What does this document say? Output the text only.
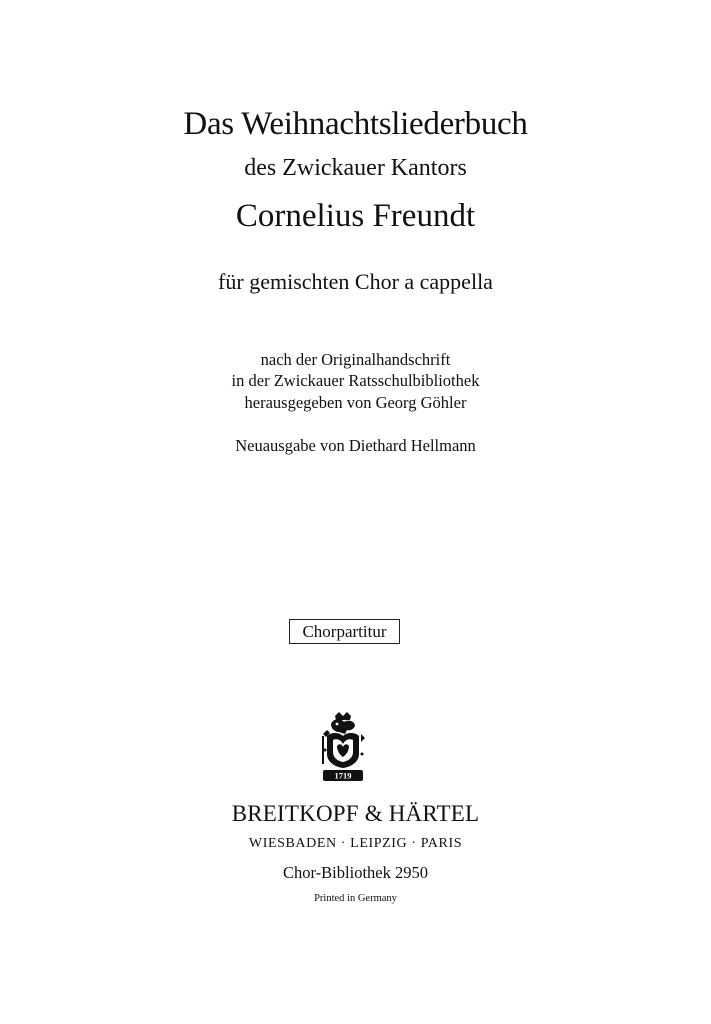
Das Weihnachtsliederbuch
des Zwickauer Kantors
Cornelius Freundt
für gemischten Chor a cappella
nach der Originalhandschrift
in der Zwickauer Ratsschulbibliothek
herausgegeben von Georg Göhler
Neuausgabe von Diethard Hellmann
Chorpartitur
1719
BREITKOPF & HÄRTEL
WIESBADEN · LEIPZIG · PARIS
Chor-Bibliothek 2950
Printed in Germany
